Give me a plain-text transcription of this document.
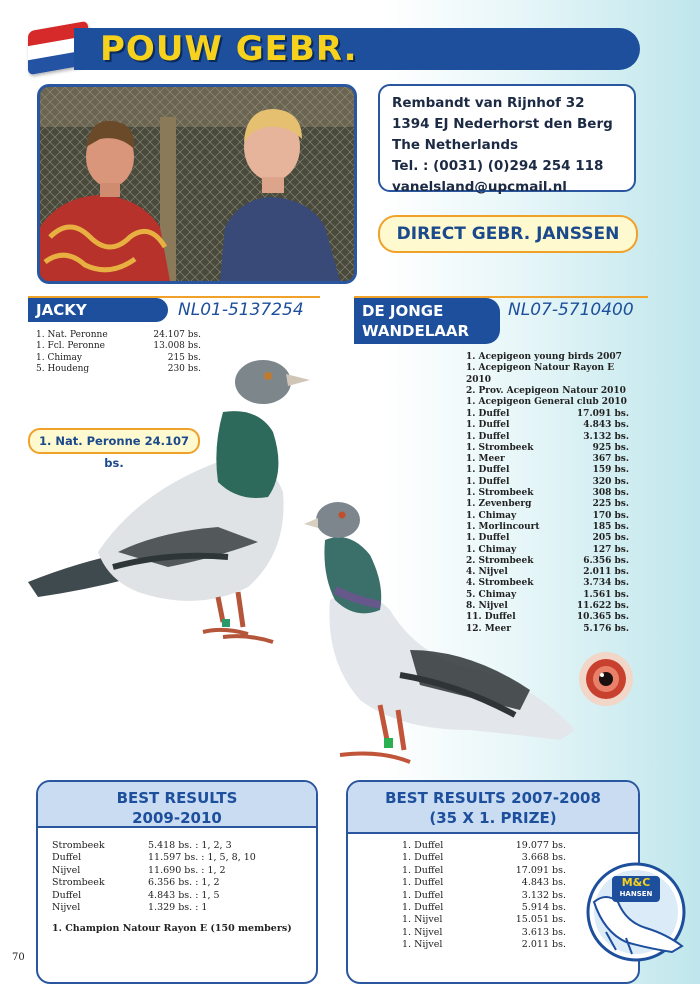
POUW GEBR.
Rembandt van Rijnhof 32
1394 EJ Nederhorst den Berg
The Netherlands
Tel. : (0031) (0)294 254 118
vanelsland@upcmail.nl
DIRECT GEBR. JANSSEN
JACKY	NL01-5137254
1. Nat. Peronne	24.107 bs.
1. Fcl. Peronne	13.008 bs.
1. Chimay	215 bs.
5. Houdeng	230 bs.
1. Nat. Peronne 24.107 bs.
DE JONGE
WANDELAAR
NL07-5710400
1. Acepigeon young birds 2007
1. Acepigeon Natour Rayon E 2010
2. Prov. Acepigeon Natour 2010
1. Acepigeon General club 2010
1. Duffel	17.091 bs.
1. Duffel	4.843 bs.
1. Duffel	3.132 bs.
1. Strombeek	925 bs.
1. Meer	367 bs.
1. Duffel	159 bs.
1. Duffel	320 bs.
1. Strombeek	308 bs.
1. Zevenberg	225 bs.
1. Chimay	170 bs.
1. Morlincourt	185 bs.
1. Duffel	205 bs.
1. Chimay	127 bs.
2. Strombeek	6.356 bs.
4. Nijvel	2.011 bs.
4. Strombeek	3.734 bs.
5. Chimay	1.561 bs.
8. Nijvel	11.622 bs.
11. Duffel	10.365 bs.
12. Meer	5.176 bs.
BEST RESULTS
2009-2010
Strombeek	5.418 bs. : 1, 2, 3
Duffel	11.597 bs. : 1, 5, 8, 10
Nijvel	11.690 bs. : 1, 2
Strombeek	6.356 bs. : 1, 2
Duffel	4.843 bs. : 1, 5
Nijvel	1.329 bs. : 1
1. Champion Natour Rayon E (150 members)
BEST RESULTS 2007-2008
(35 X 1. PRIZE)
1. Duffel	19.077 bs.
1. Duffel	3.668 bs.
1. Duffel	17.091 bs.
1. Duffel	4.843 bs.
1. Duffel	3.132 bs.
1. Duffel	5.914 bs.
1. Nijvel	15.051 bs.
1. Nijvel	3.613 bs.
1. Nijvel	2.011 bs.
M&C
HANSEN
70
